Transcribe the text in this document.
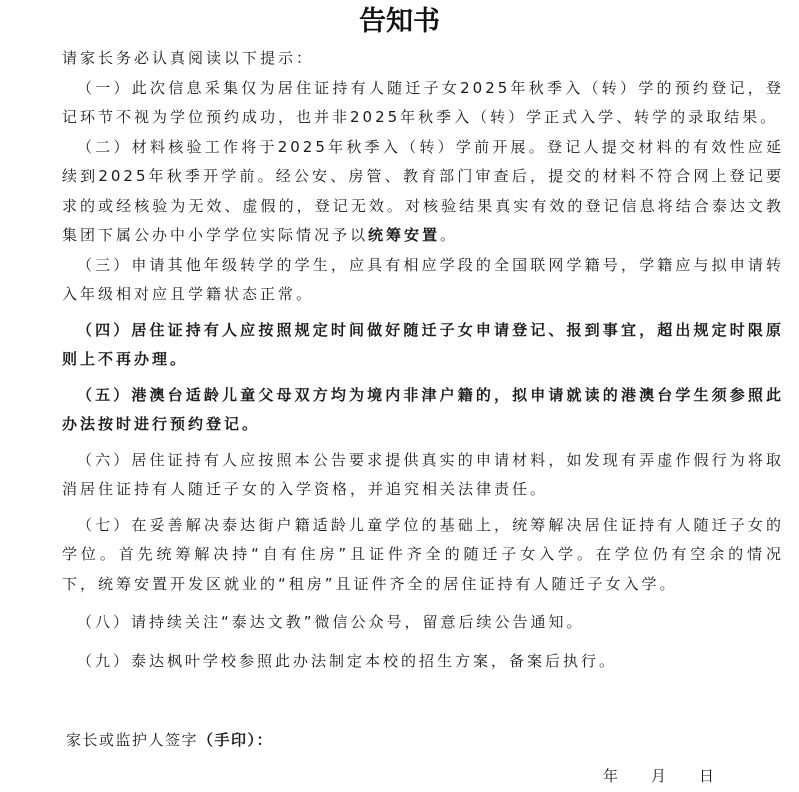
告知书

请家长务必认真阅读以下提示：

（一）此次信息采集仅为居住证持有人随迁子女2025年秋季入（转）学的预约登记，登记环节不视为学位预约成功，也并非2025年秋季入（转）学正式入学、转学的录取结果。

（二）材料核验工作将于2025年秋季入（转）学前开展。登记人提交材料的有效性应延续到2025年秋季开学前。经公安、房管、教育部门审查后，提交的材料不符合网上登记要求的或经核验为无效、虚假的，登记无效。对核验结果真实有效的登记信息将结合泰达文教集团下属公办中小学学位实际情况予以统筹安置。

（三）申请其他年级转学的学生，应具有相应学段的全国联网学籍号，学籍应与拟申请转入年级相对应且学籍状态正常。

（四）居住证持有人应按照规定时间做好随迁子女申请登记、报到事宜，超出规定时限原则上不再办理。

（五）港澳台适龄儿童父母双方均为境内非津户籍的，拟申请就读的港澳台学生须参照此办法按时进行预约登记。

（六）居住证持有人应按照本公告要求提供真实的申请材料，如发现有弄虚作假行为将取消居住证持有人随迁子女的入学资格，并追究相关法律责任。

（七）在妥善解决泰达街户籍适龄儿童学位的基础上，统筹解决居住证持有人随迁子女的学位。首先统筹解决持“自有住房”且证件齐全的随迁子女入学。在学位仍有空余的情况下，统筹安置开发区就业的“租房”且证件齐全的居住证持有人随迁子女入学。

（八）请持续关注“泰达文教”微信公众号，留意后续公告通知。

（九）泰达枫叶学校参照此办法制定本校的招生方案，备案后执行。

家长或监护人签字（手印）：

年	月	日
